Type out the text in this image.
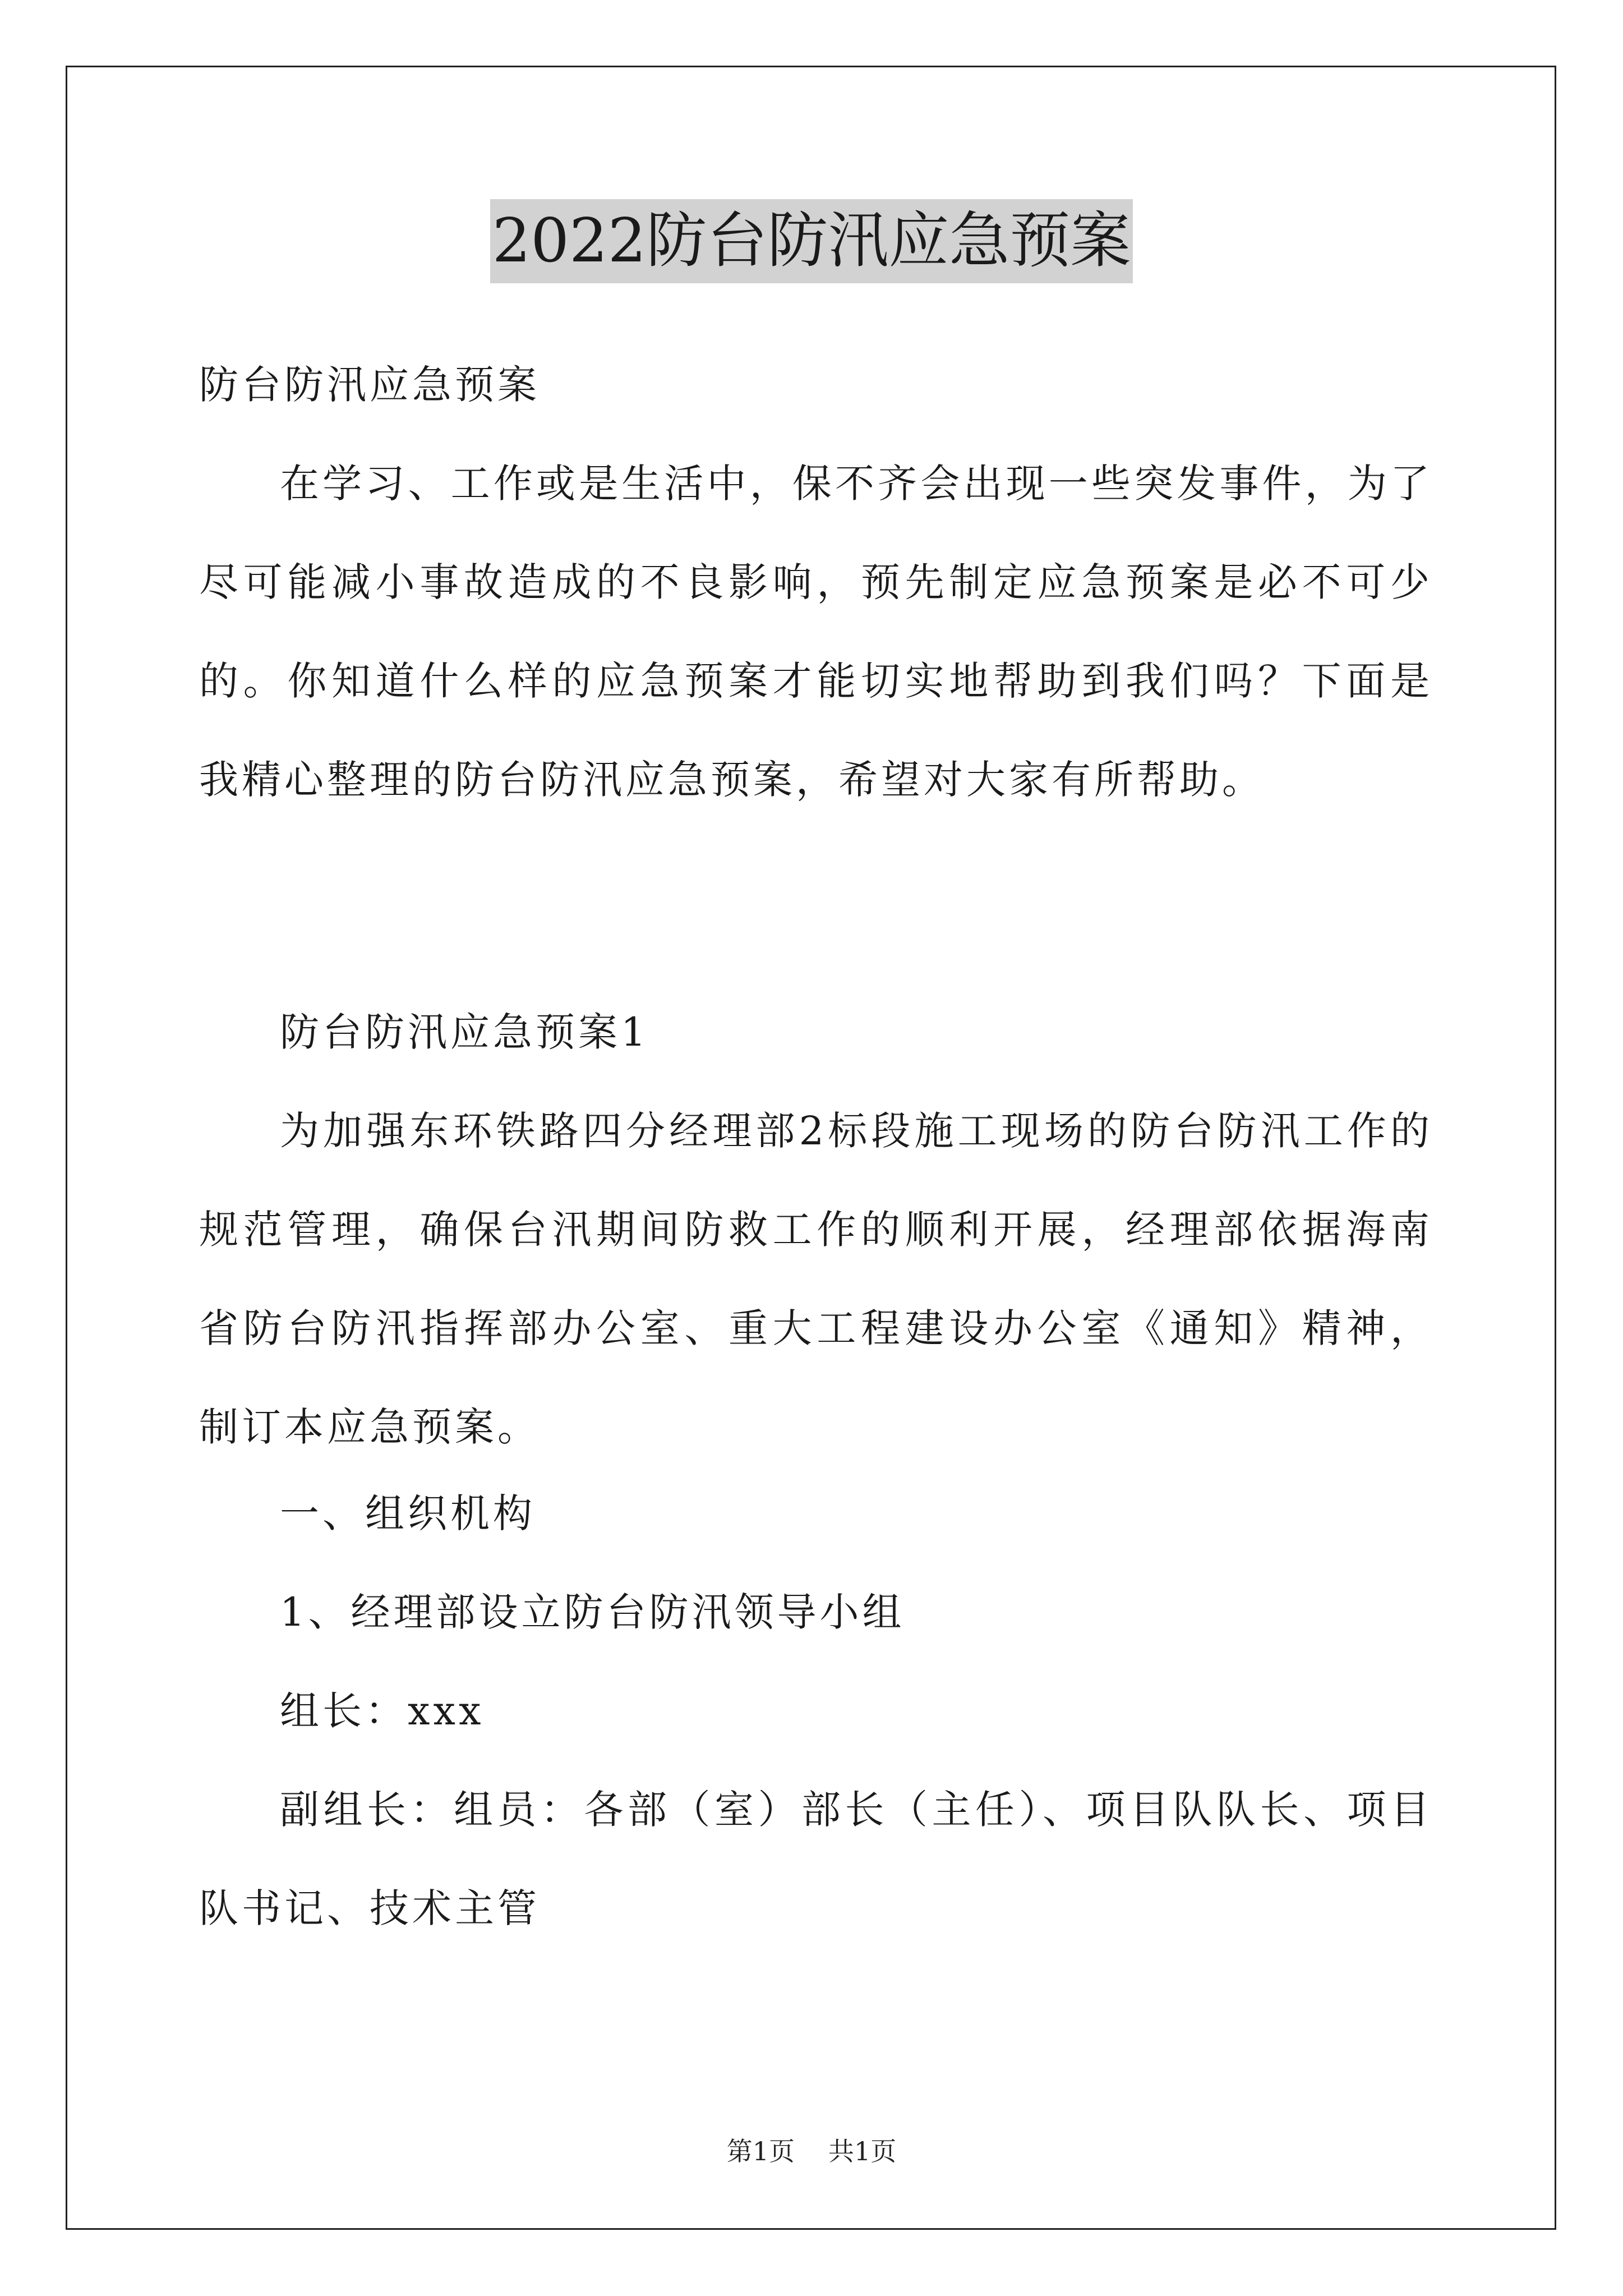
2022防台防汛应急预案

防台防汛应急预案

在学习、工作或是生活中，保不齐会出现一些突发事件，为了尽可能减小事故造成的不良影响，预先制定应急预案是必不可少的。你知道什么样的应急预案才能切实地帮助到我们吗？下面是我精心整理的防台防汛应急预案，希望对大家有所帮助。

防台防汛应急预案1

为加强东环铁路四分经理部2标段施工现场的防台防汛工作的规范管理，确保台汛期间防救工作的顺利开展，经理部依据海南省防台防汛指挥部办公室、重大工程建设办公室《通知》精神，制订本应急预案。

一、组织机构

1、经理部设立防台防汛领导小组

组长：xxx

副组长：组员：各部（室）部长（主任）、项目队队长、项目队书记、技术主管

第1页 共1页
